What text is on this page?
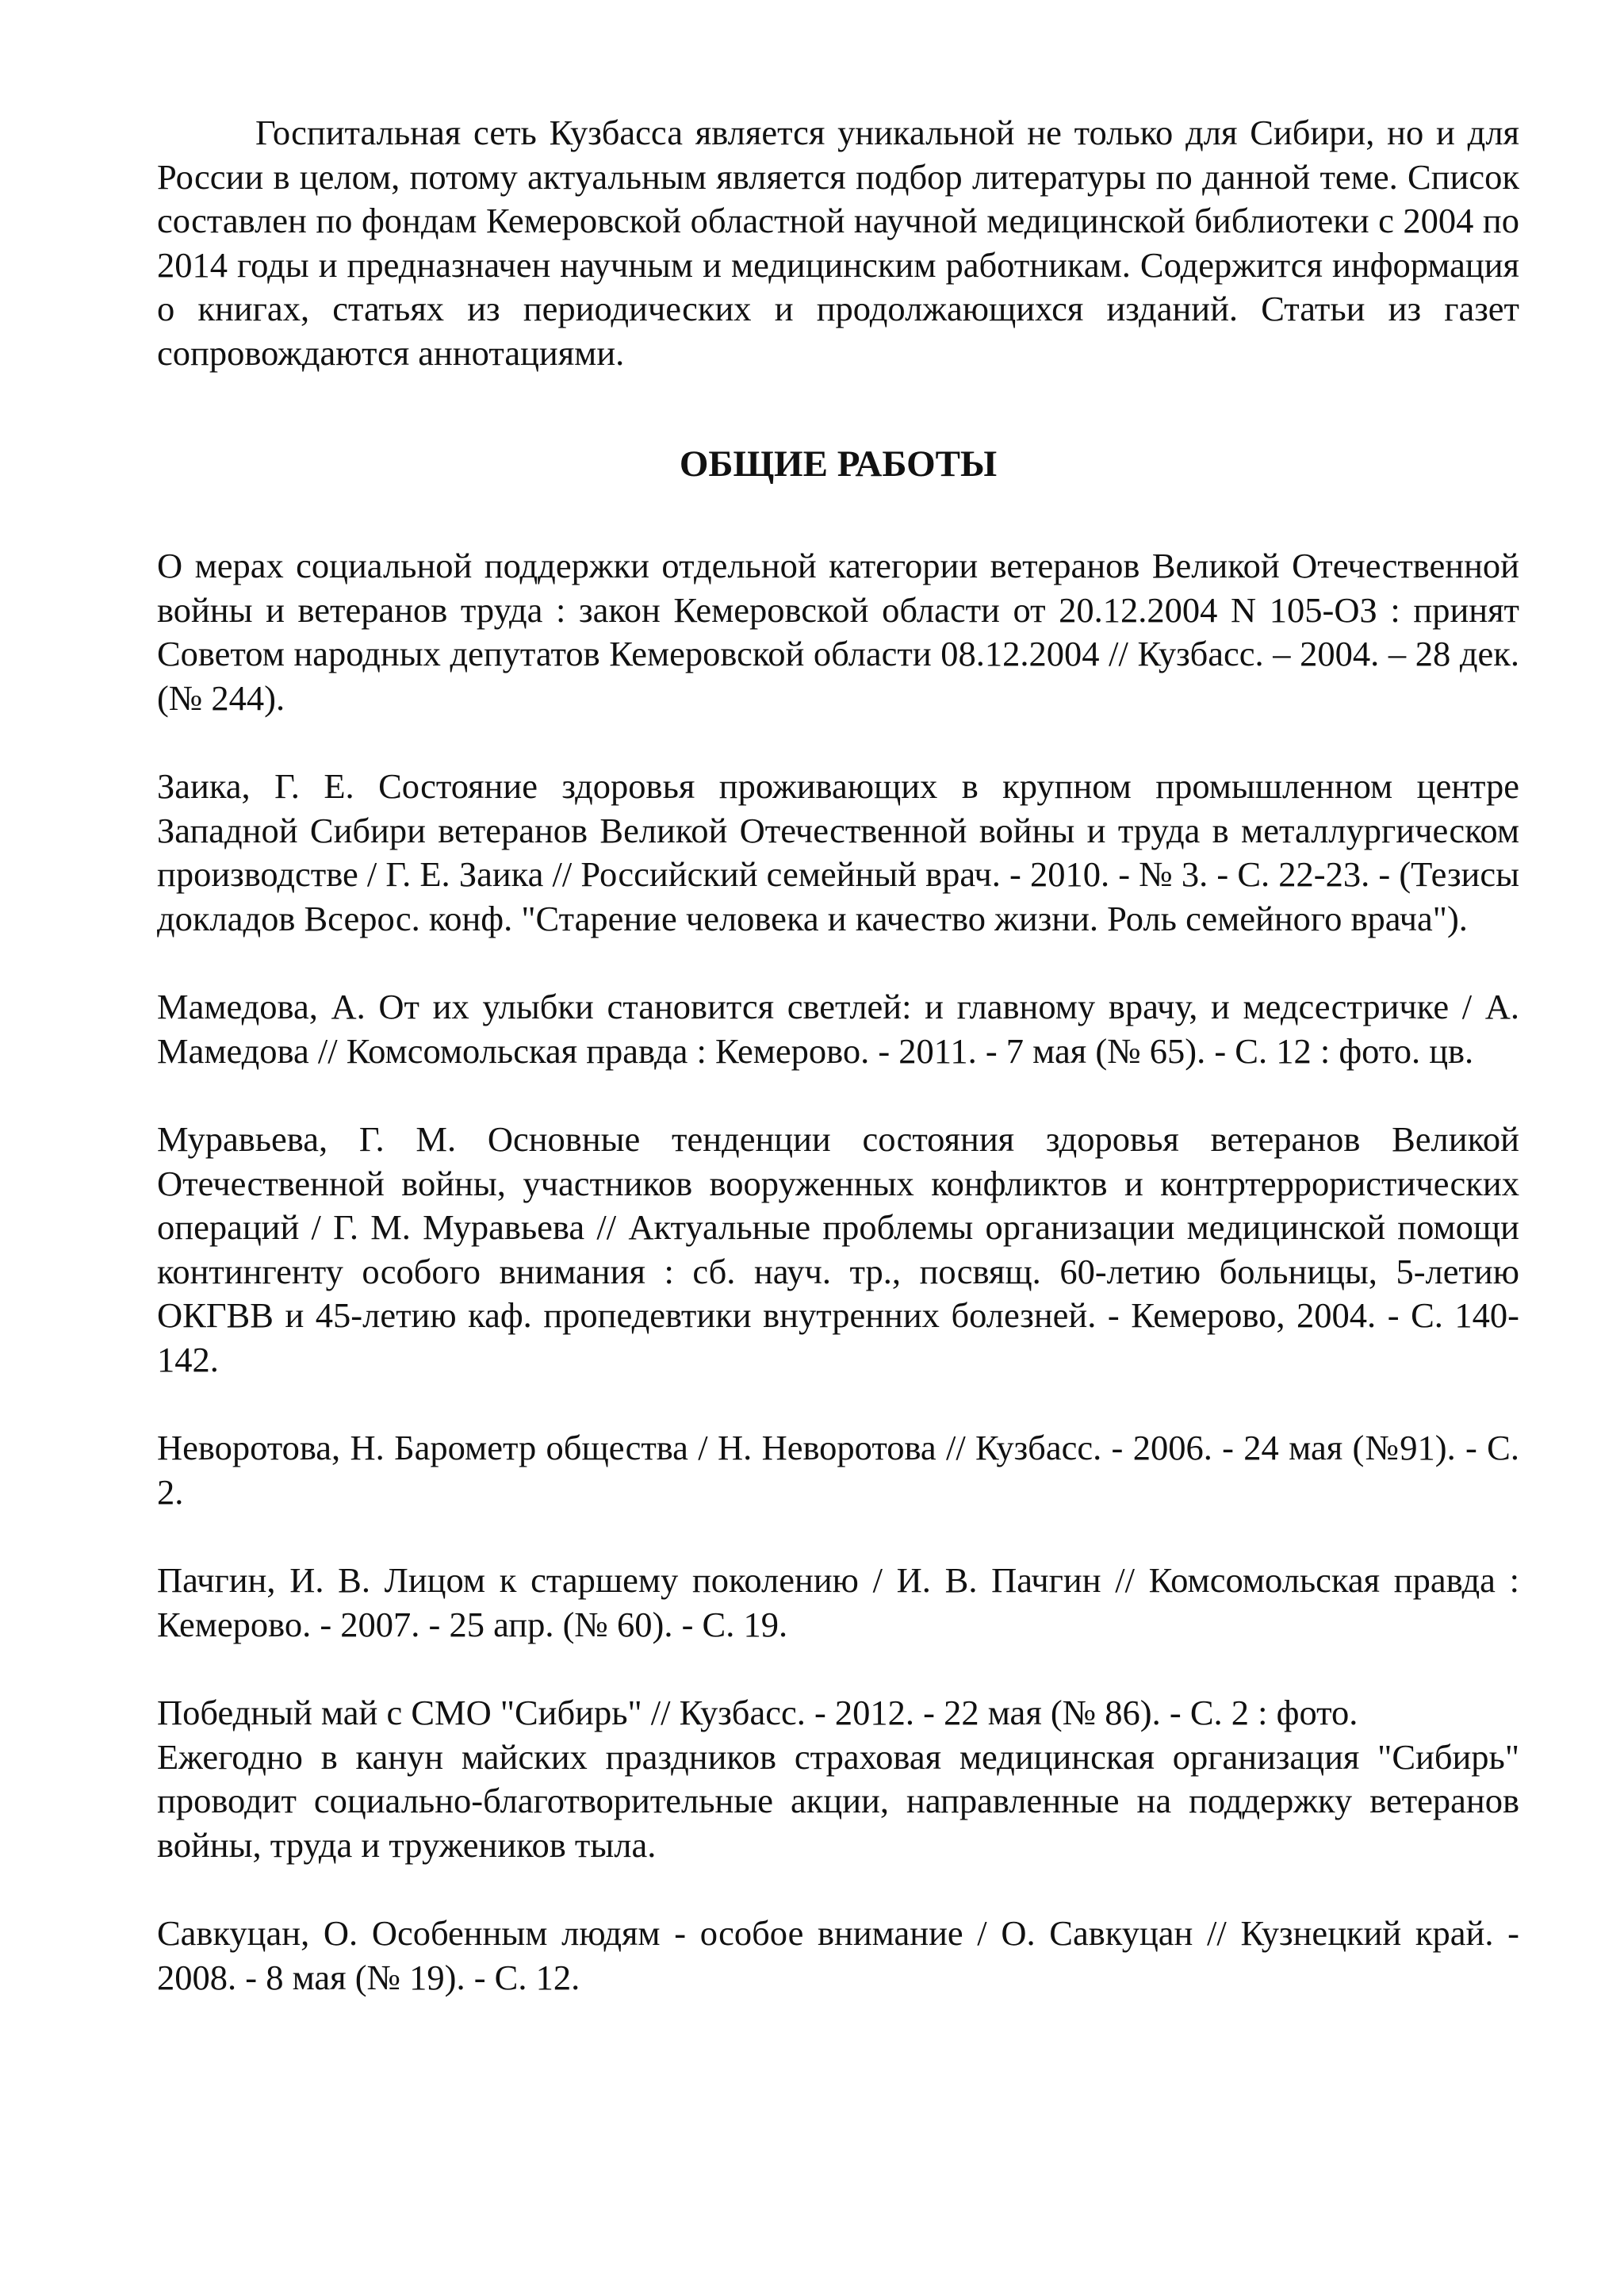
Госпитальная сеть Кузбасса является уникальной не только для Сибири, но и для России в целом, потому актуальным является подбор литературы по данной теме. Список составлен по фондам Кемеровской областной научной медицинской библиотеки с 2004 по 2014 годы и предназначен научным и медицинским работникам. Содержится информация о книгах, статьях из периодических и продолжающихся изданий. Статьи из газет сопровождаются аннотациями.

ОБЩИЕ РАБОТЫ

О мерах социальной поддержки отдельной категории ветеранов Великой Отечественной войны и ветеранов труда : закон Кемеровской области от 20.12.2004 N 105-ОЗ : принят Советом народных депутатов Кемеровской области 08.12.2004 // Кузбасс. – 2004. – 28 дек. (№ 244).

Заика, Г. Е. Состояние здоровья проживающих в крупном промышленном центре Западной Сибири ветеранов Великой Отечественной войны и труда в металлургическом производстве / Г. Е. Заика // Российский семейный врач. - 2010. - № 3. - С. 22-23. - (Тезисы докладов Всерос. конф. "Старение человека и качество жизни. Роль семейного врача").

Мамедова, А. От их улыбки становится светлей: и главному врачу, и медсестричке / А. Мамедова // Комсомольская правда : Кемерово. - 2011. - 7 мая (№ 65). - С. 12 : фото. цв.

Муравьева, Г. М. Основные тенденции состояния здоровья ветеранов Великой Отечественной войны, участников вооруженных конфликтов и контртеррористических операций / Г. М. Муравьева // Актуальные проблемы организации медицинской помощи контингенту особого внимания : сб. науч. тр., посвящ. 60-летию больницы, 5-летию ОКГВВ и 45-летию каф. пропедевтики внутренних болезней. - Кемерово, 2004. - С. 140-142.

Неворотова, Н. Барометр общества / Н. Неворотова // Кузбасс. - 2006. - 24 мая (№91). - С. 2.

Пачгин, И. В. Лицом к старшему поколению / И. В. Пачгин // Комсомольская правда : Кемерово. - 2007. - 25 апр. (№ 60). - С. 19.

Победный май с СМО "Сибирь" // Кузбасс. - 2012. - 22 мая (№ 86). - С. 2 : фото.
Ежегодно в канун майских праздников страховая медицинская организация "Сибирь" проводит социально-благотворительные акции, направленные на поддержку ветеранов войны, труда и тружеников тыла.

Савкуцан, О. Особенным людям - особое внимание / О. Савкуцан // Кузнецкий край. - 2008. - 8 мая (№ 19). - С. 12.
